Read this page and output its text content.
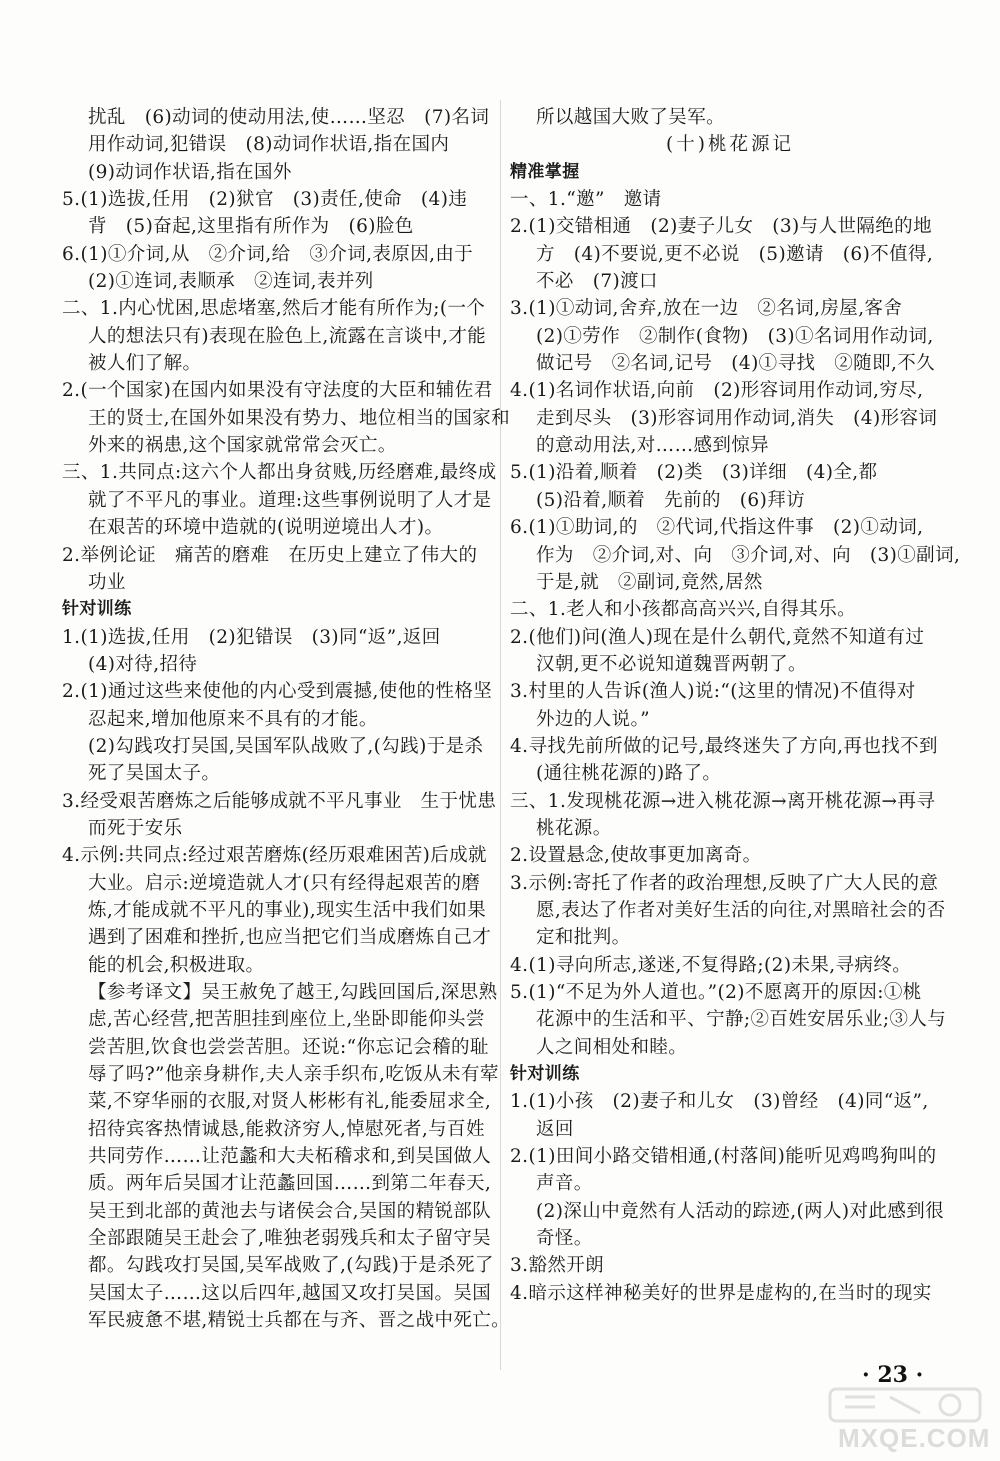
扰乱　(6)动词的使动用法,使……坚忍　(7)名词
用作动词,犯错误　(8)动词作状语,指在国内
(9)动词作状语,指在国外
5.(1)选拔,任用　(2)狱官　(3)责任,使命　(4)违
背　(5)奋起,这里指有所作为　(6)脸色
6.(1)①介词,从　②介词,给　③介词,表原因,由于
(2)①连词,表顺承　②连词,表并列
二、1.内心忧困,思虑堵塞,然后才能有所作为;(一个
人的想法只有)表现在脸色上,流露在言谈中,才能
被人们了解。
2.(一个国家)在国内如果没有守法度的大臣和辅佐君
王的贤士,在国外如果没有势力、地位相当的国家和
外来的祸患,这个国家就常常会灭亡。
三、1.共同点:这六个人都出身贫贱,历经磨难,最终成
就了不平凡的事业。道理:这些事例说明了人才是
在艰苦的环境中造就的(说明逆境出人才)。
2.举例论证　痛苦的磨难　在历史上建立了伟大的
功业
针对训练
1.(1)选拔,任用　(2)犯错误　(3)同“返”,返回
(4)对待,招待
2.(1)通过这些来使他的内心受到震撼,使他的性格坚
忍起来,增加他原来不具有的才能。
(2)勾践攻打吴国,吴国军队战败了,(勾践)于是杀
死了吴国太子。
3.经受艰苦磨炼之后能够成就不平凡事业　生于忧患
而死于安乐
4.示例:共同点:经过艰苦磨炼(经历艰难困苦)后成就
大业。启示:逆境造就人才(只有经得起艰苦的磨
炼,才能成就不平凡的事业),现实生活中我们如果
遇到了困难和挫折,也应当把它们当成磨炼自己才
能的机会,积极进取。
【参考译文】吴王赦免了越王,勾践回国后,深思熟
虑,苦心经营,把苦胆挂到座位上,坐卧即能仰头尝
尝苦胆,饮食也尝尝苦胆。还说:“你忘记会稽的耻
辱了吗?”他亲身耕作,夫人亲手织布,吃饭从未有荤
菜,不穿华丽的衣服,对贤人彬彬有礼,能委屈求全,
招待宾客热情诚恳,能救济穷人,悼慰死者,与百姓
共同劳作……让范蠡和大夫柘稽求和,到吴国做人
质。两年后吴国才让范蠡回国……到第二年春天,
吴王到北部的黄池去与诸侯会合,吴国的精锐部队
全部跟随吴王赴会了,唯独老弱残兵和太子留守吴
都。勾践攻打吴国,吴军战败了,(勾践)于是杀死了
吴国太子……这以后四年,越国又攻打吴国。吴国
军民疲惫不堪,精锐士兵都在与齐、晋之战中死亡。
所以越国大败了吴军。
(十)桃花源记
精准掌握
一、1.“邀”　邀请
2.(1)交错相通　(2)妻子儿女　(3)与人世隔绝的地
方　(4)不要说,更不必说　(5)邀请　(6)不值得,
不必　(7)渡口
3.(1)①动词,舍弃,放在一边　②名词,房屋,客舍
(2)①劳作　②制作(食物)　(3)①名词用作动词,
做记号　②名词,记号　(4)①寻找　②随即,不久
4.(1)名词作状语,向前　(2)形容词用作动词,穷尽,
走到尽头　(3)形容词用作动词,消失　(4)形容词
的意动用法,对……感到惊异
5.(1)沿着,顺着　(2)类　(3)详细　(4)全,都
(5)沿着,顺着　先前的　(6)拜访
6.(1)①助词,的　②代词,代指这件事　(2)①动词,
作为　②介词,对、向　③介词,对、向　(3)①副词,
于是,就　②副词,竟然,居然
二、1.老人和小孩都高高兴兴,自得其乐。
2.(他们)问(渔人)现在是什么朝代,竟然不知道有过
汉朝,更不必说知道魏晋两朝了。
3.村里的人告诉(渔人)说:“(这里的情况)不值得对
外边的人说。”
4.寻找先前所做的记号,最终迷失了方向,再也找不到
(通往桃花源的)路了。
三、1.发现桃花源→进入桃花源→离开桃花源→再寻
桃花源。
2.设置悬念,使故事更加离奇。
3.示例:寄托了作者的政治理想,反映了广大人民的意
愿,表达了作者对美好生活的向往,对黑暗社会的否
定和批判。
4.(1)寻向所志,遂迷,不复得路;(2)未果,寻病终。
5.(1)“不足为外人道也。”(2)不愿离开的原因:①桃
花源中的生活和平、宁静;②百姓安居乐业;③人与
人之间相处和睦。
针对训练
1.(1)小孩　(2)妻子和儿女　(3)曾经　(4)同“返”,
返回
2.(1)田间小路交错相通,(村落间)能听见鸡鸣狗叫的
声音。
(2)深山中竟然有人活动的踪迹,(两人)对此感到很
奇怪。
3.豁然开朗
4.暗示这样神秘美好的世界是虚构的,在当时的现实
· 23 ·
MXQE.COM
